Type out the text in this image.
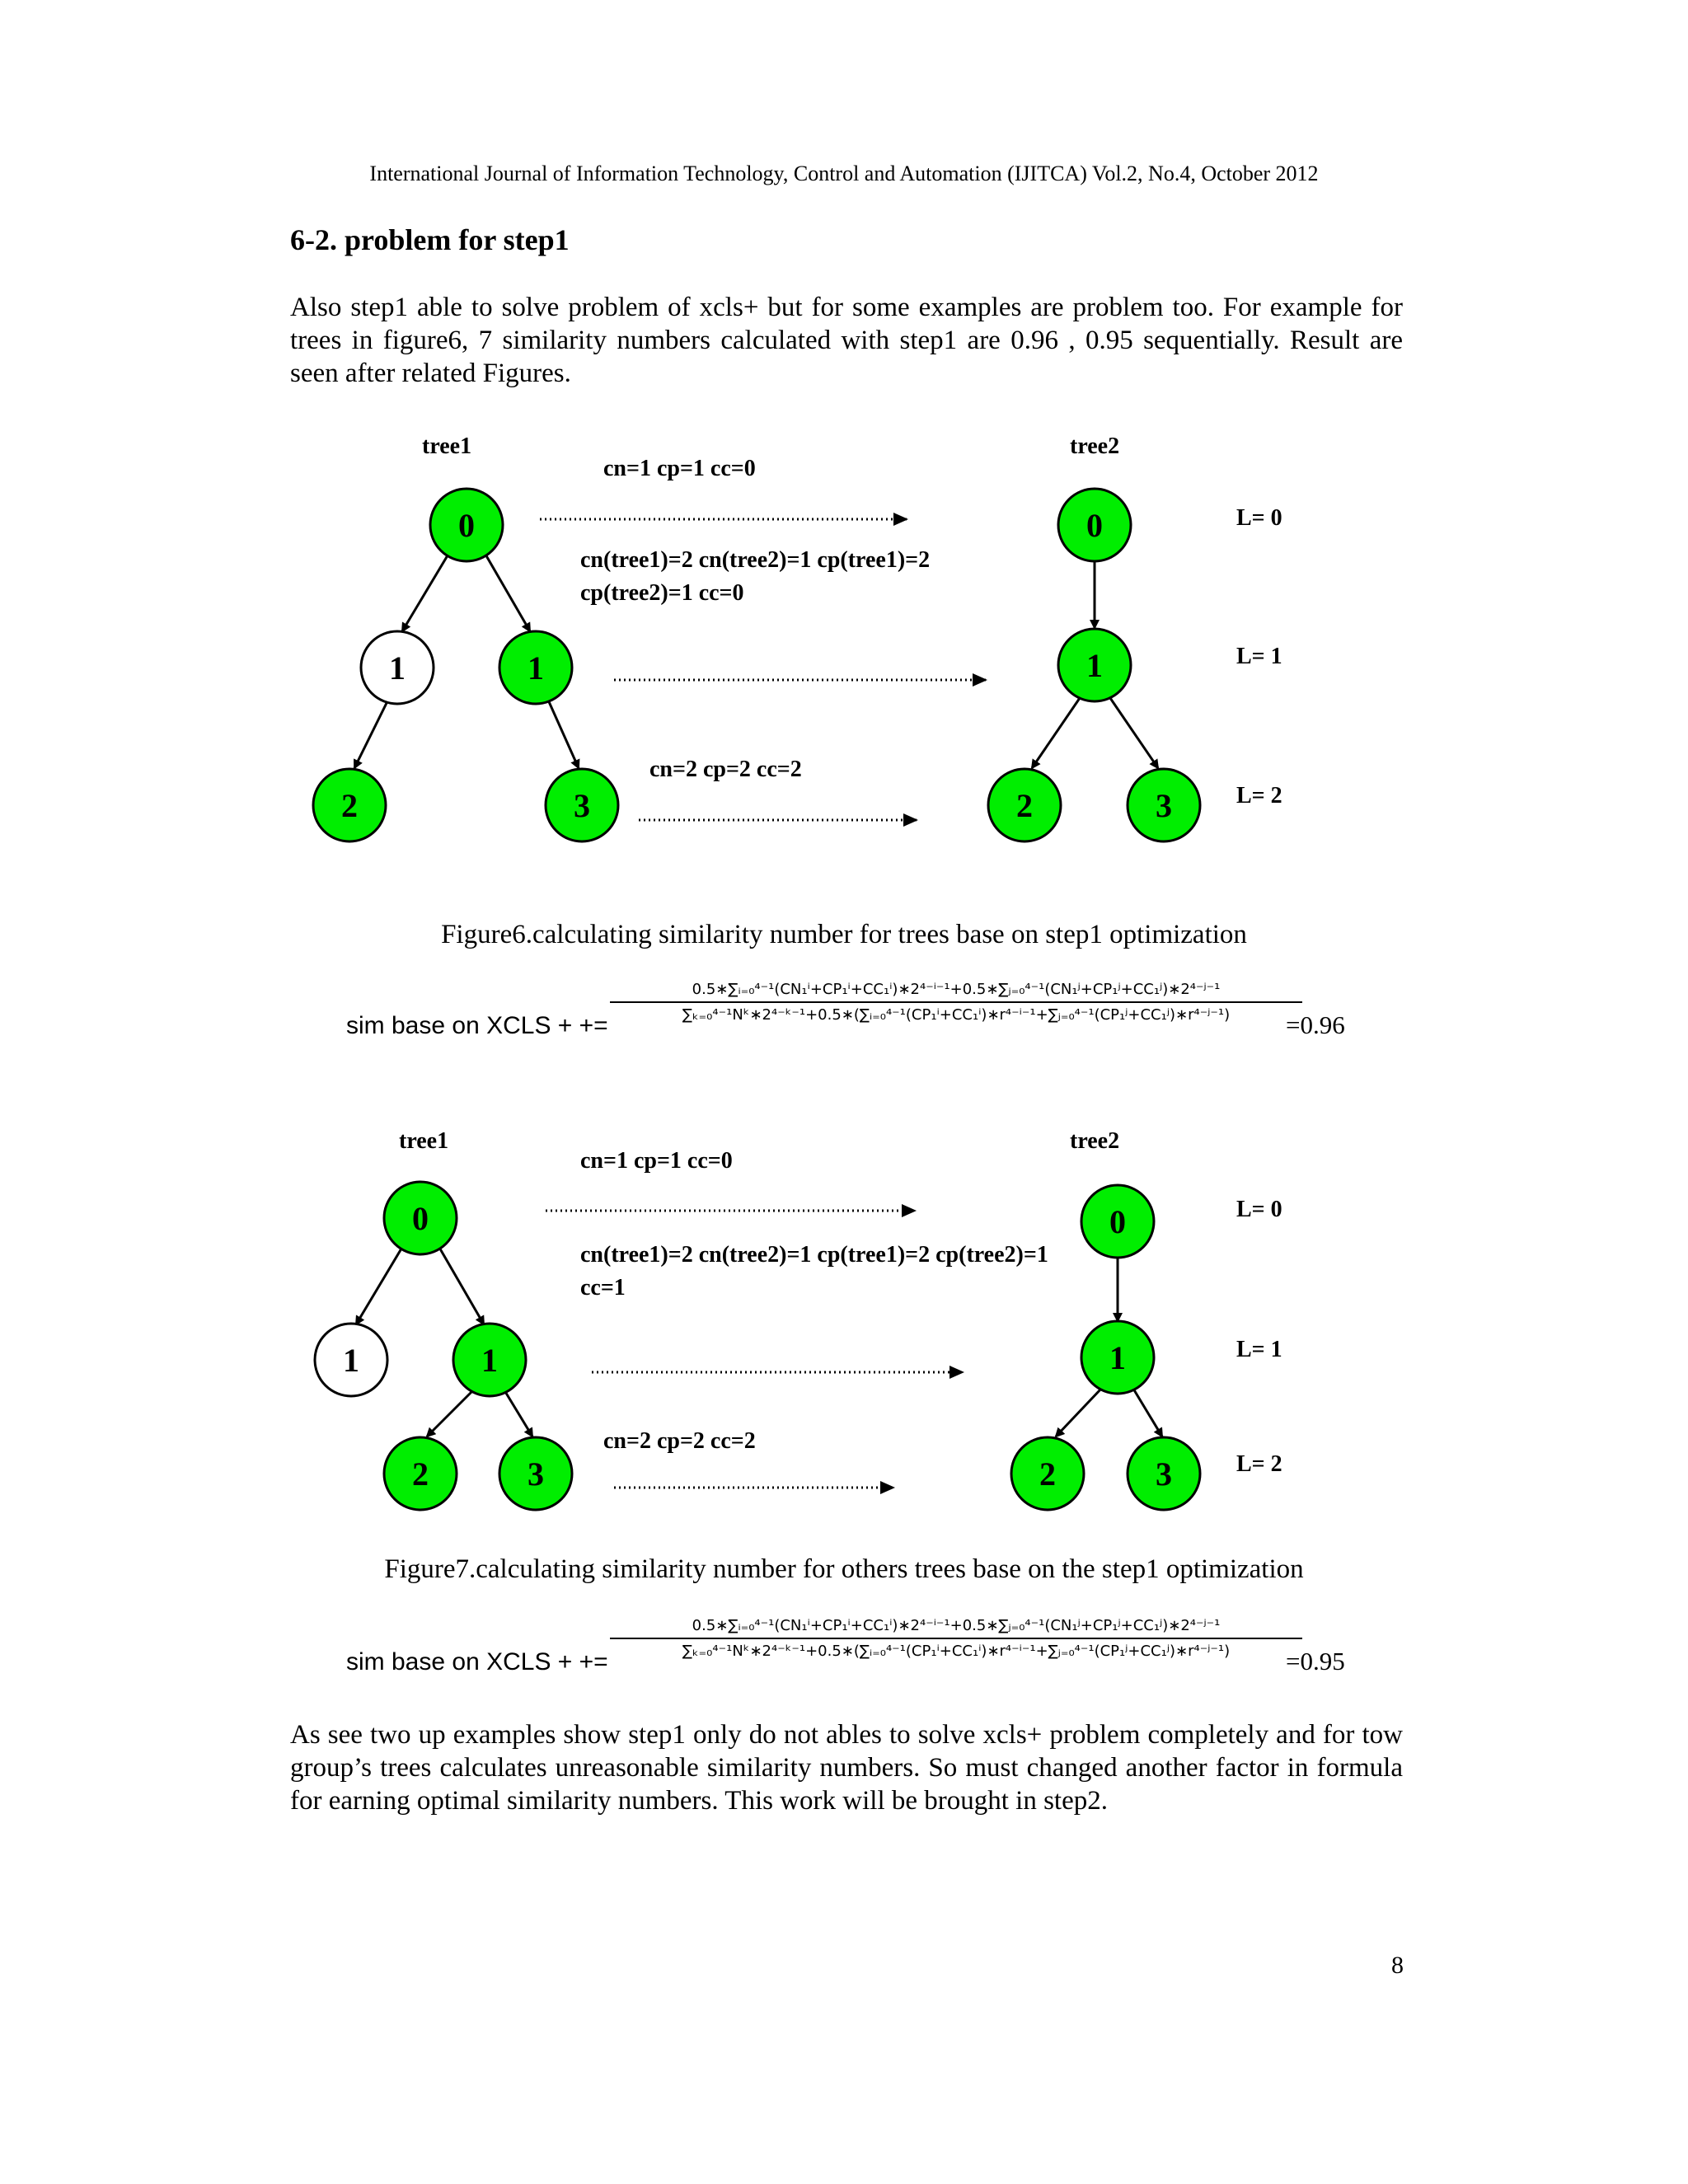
International Journal of Information Technology, Control and Automation (IJITCA) Vol.2, No.4, October 2012
6-2. problem for step1

Also step1 able to solve problem of xcls+ but for some examples are problem too. For example for trees in figure6, 7 similarity numbers calculated with step1 are 0.96 , 0.95 sequentially. Result are seen after related Figures.

tree1	tree2
cn=1 cp=1 cc=0
cn(tree1)=2 cn(tree2)=1 cp(tree1)=2
cp(tree2)=1 cc=0
cn=2 cp=2 cc=2
L= 0
L= 1
L= 2
0
1	1
2	3
0
1
2	3
Figure6.calculating similarity number for trees base on step1 optimization
sim base on XCLS + +=
0.5∗∑ᵢ₌₀⁴⁻¹(CN₁ⁱ+CP₁ⁱ+CC₁ⁱ)∗2⁴⁻ⁱ⁻¹+0.5∗∑ⱼ₌₀⁴⁻¹(CN₁ʲ+CP₁ʲ+CC₁ʲ)∗2⁴⁻ʲ⁻¹
∑ₖ₌₀⁴⁻¹Nᵏ∗2⁴⁻ᵏ⁻¹+0.5∗(∑ᵢ₌₀⁴⁻¹(CP₁ⁱ+CC₁ⁱ)∗r⁴⁻ⁱ⁻¹+∑ⱼ₌₀⁴⁻¹(CP₁ʲ+CC₁ʲ)∗r⁴⁻ʲ⁻¹)	=0.96
tree1	tree2
cn=1 cp=1 cc=0
cn(tree1)=2 cn(tree2)=1 cp(tree1)=2 cp(tree2)=1
cc=1
cn=2 cp=2 cc=2
L= 0
L= 1
L= 2
0
1	1
2	3
0
1
2	3
Figure7.calculating similarity number for others trees base on the step1 optimization
sim base on XCLS + +=
0.5∗∑ᵢ₌₀⁴⁻¹(CN₁ⁱ+CP₁ⁱ+CC₁ⁱ)∗2⁴⁻ⁱ⁻¹+0.5∗∑ⱼ₌₀⁴⁻¹(CN₁ʲ+CP₁ʲ+CC₁ʲ)∗2⁴⁻ʲ⁻¹
∑ₖ₌₀⁴⁻¹Nᵏ∗2⁴⁻ᵏ⁻¹+0.5∗(∑ᵢ₌₀⁴⁻¹(CP₁ⁱ+CC₁ⁱ)∗r⁴⁻ⁱ⁻¹+∑ⱼ₌₀⁴⁻¹(CP₁ʲ+CC₁ʲ)∗r⁴⁻ʲ⁻¹)	=0.95

As see two up examples show step1 only do not ables to solve xcls+ problem completely and for tow group’s trees calculates unreasonable similarity numbers. So must changed another factor in formula for earning optimal similarity numbers. This work will be brought in step2.

8
